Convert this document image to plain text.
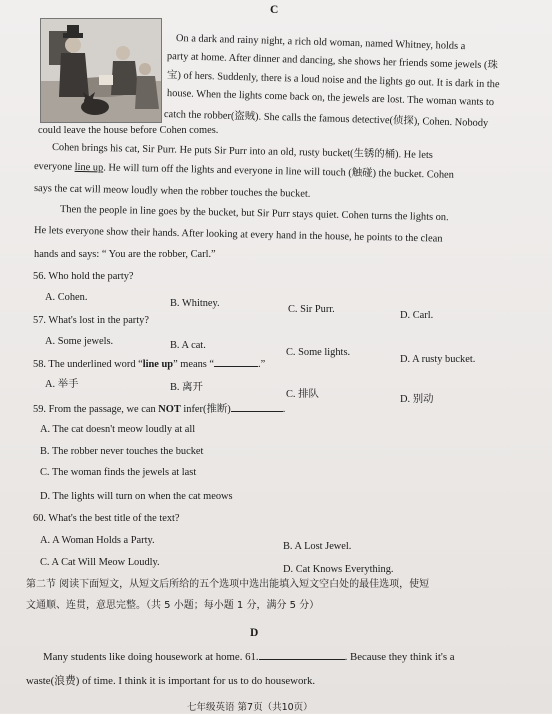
C
On a dark and rainy night, a rich old woman, named Whitney, holds a
party at home. After dinner and dancing, she shows her friends some jewels (珠
宝) of hers. Suddenly, there is a loud noise and the lights go out. It is dark in the
house. When the lights come back on, the jewels are lost. The woman wants to
catch the robber(盗贼). She calls the famous detective(侦探), Cohen. Nobody
could leave the house before Cohen comes.
Cohen brings his cat, Sir Purr. He puts Sir Purr into an old, rusty bucket(生锈的桶). He lets
everyone line up. He will turn off the lights and everyone in line will touch (触碰) the bucket. Cohen
says the cat will meow loudly when the robber touches the bucket.
Then the people in line goes by the bucket, but Sir Purr stays quiet. Cohen turns the lights on.
He lets everyone show their hands. After looking at every hand in the house, he points to the clean
hands and says: “ You are the robber, Carl.”
56. Who hold the party?
A. Cohen.
B. Whitney.
C. Sir Purr.
D. Carl.
57. What's lost in the party?
A. Some jewels.	B. A cat.
C. Some lights.
D. A rusty bucket.
58. The underlined word “line up” means “	.”
A. 举手	B. 离开
C. 排队	D. 别动
59. From the passage, we can NOT infer(推断)	.
A. The cat doesn't meow loudly at all
B. The robber never touches the bucket
C. The woman finds the jewels at last
D. The lights will turn on when the cat meows
60. What's the best title of the text?
A. A Woman Holds a Party.
B. A Lost Jewel.
C. A Cat Will Meow Loudly.
D. Cat Knows Everything.
第二节 阅读下面短文，从短文后所给的五个选项中选出能填入短文空白处的最佳选项，使短
文通顺、连贯，意思完整。（共 5 小题；每小题 1 分，满分 5 分）
D
Many students like doing housework at home. 61.	. Because they think it's a
waste(浪费) of time. I think it is important for us to do housework.
七年级英语 第7页（共10页）
